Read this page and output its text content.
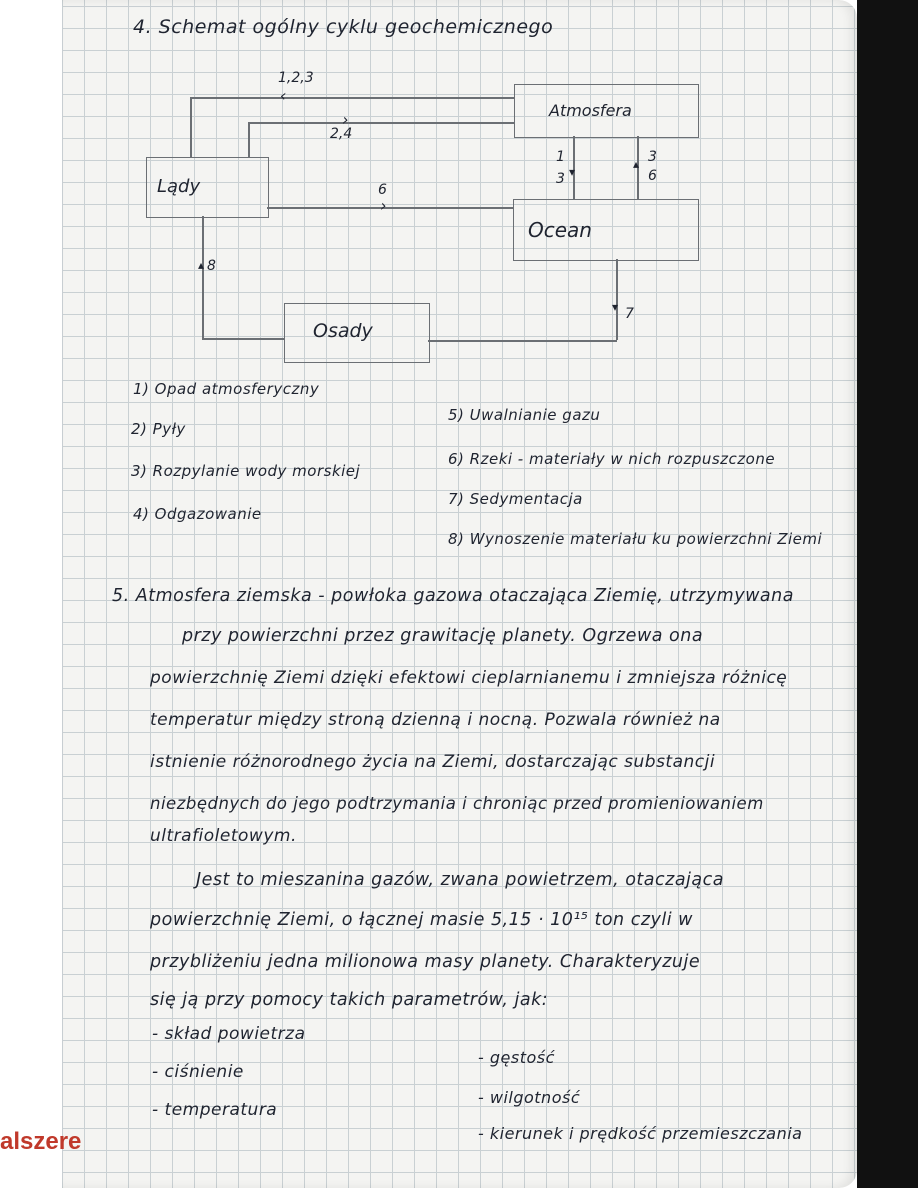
4. Schemat ogólny cyklu geochemicznego
Atmosfera
Lądy
Ocean
Osady
‹
›
›
▾
▴
▾
▴
1,2,3
2,4
1
3
3
6
6
7
8
1) Opad atmosferyczny
2) Pyły
3) Rozpylanie wody morskiej
4) Odgazowanie
5) Uwalnianie gazu
6) Rzeki - materiały w nich rozpuszczone
7) Sedymentacja
8) Wynoszenie materiału ku powierzchni Ziemi
5. Atmosfera ziemska - powłoka gazowa otaczająca Ziemię, utrzymywana
przy powierzchni przez grawitację planety. Ogrzewa ona
powierzchnię Ziemi dzięki efektowi cieplarnianemu i zmniejsza różnicę
temperatur między stroną dzienną i nocną. Pozwala również na
istnienie różnorodnego życia na Ziemi, dostarczając substancji
niezbędnych do jego podtrzymania i chroniąc przed promieniowaniem
ultrafioletowym.
Jest to mieszanina gazów, zwana powietrzem, otaczająca
powierzchnię Ziemi, o łącznej masie 5,15 · 10¹⁵ ton czyli w
przybliżeniu jedna milionowa masy planety. Charakteryzuje
się ją przy pomocy takich parametrów, jak:
- skład powietrza
- ciśnienie
- temperatura
- gęstość
- wilgotność
- kierunek i prędkość przemieszczania
alszere
